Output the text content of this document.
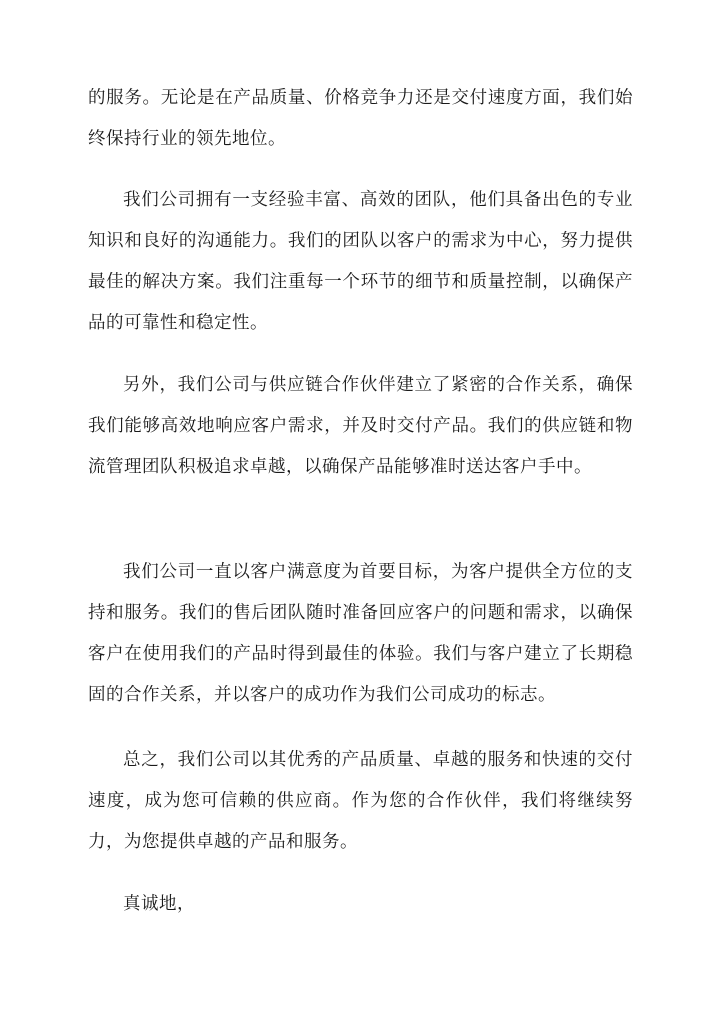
的服务。无论是在产品质量、价格竞争力还是交付速度方面，我们始终保持行业的领先地位。

我们公司拥有一支经验丰富、高效的团队，他们具备出色的专业知识和良好的沟通能力。我们的团队以客户的需求为中心，努力提供最佳的解决方案。我们注重每一个环节的细节和质量控制，以确保产品的可靠性和稳定性。

另外，我们公司与供应链合作伙伴建立了紧密的合作关系，确保我们能够高效地响应客户需求，并及时交付产品。我们的供应链和物流管理团队积极追求卓越，以确保产品能够准时送达客户手中。

我们公司一直以客户满意度为首要目标，为客户提供全方位的支持和服务。我们的售后团队随时准备回应客户的问题和需求，以确保客户在使用我们的产品时得到最佳的体验。我们与客户建立了长期稳固的合作关系，并以客户的成功作为我们公司成功的标志。

总之，我们公司以其优秀的产品质量、卓越的服务和快速的交付速度，成为您可信赖的供应商。作为您的合作伙伴，我们将继续努力，为您提供卓越的产品和服务。

真诚地，
